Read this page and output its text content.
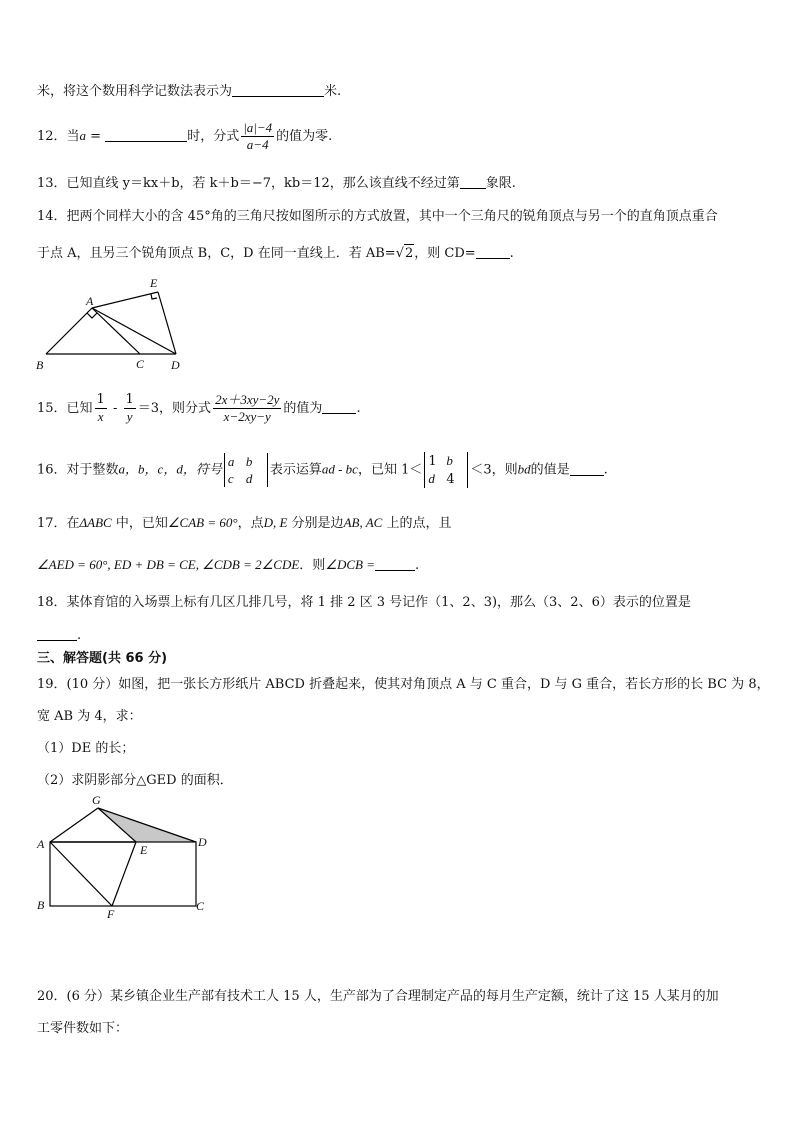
米，将这个数用科学记数法表示为	米.
12．当a =	时，分式 $\frac{|a|-4}{a-4}$ 的值为零.
13．已知直线 y＝kx＋b，若 k＋b＝−7，kb＝12，那么该直线不经过第 象限.
14．把两个同样大小的含 45°角的三角尺按如图所示的方式放置，其中一个三角尺的锐角顶点与另一个的直角顶点重合
于点 A，且另三个锐角顶点 B，C，D 在同一直线上．若 AB=√2，则 CD=	.
A
E
B	C D
15．已知 $\frac{1}{x} - \frac{1}{y} =3$，则分式 $\frac{2x+3xy-2y}{x-2xy-y}$ 的值为	.
16．对于整数a，b，c，d，符号 a b
c d
表示运算ad - bc，已知 1＜
1 b
d 4
＜3，则bd的值是	.
17．在ΔABC 中，已知∠CAB = 60°，点D, E 分别是边AB, AC 上的点，且
∠AED = 60°, ED + DB = CE, ∠CDB = 2∠CDE．则∠DCB =	.
18．某体育馆的入场票上标有几区几排几号，将 1 排 2 区 3 号记作（1、2、3)，那么（3、2、6）表示的位置是
.
三、解答题(共 66 分)
19．(10 分）如图，把一张长方形纸片 ABCD 折叠起来，使其对角顶点 A 与 C 重合，D 与 G 重合，若长方形的长 BC 为 8，
宽 AB 为 4，求：
（1）DE 的长；
（2）求阴影部分△GED 的面积．
G
A	E
D
B
F
C
20．(6 分）某乡镇企业生产部有技术工人 15 人，生产部为了合理制定产品的每月生产定额，统计了这 15 人某月的加
工零件数如下：
